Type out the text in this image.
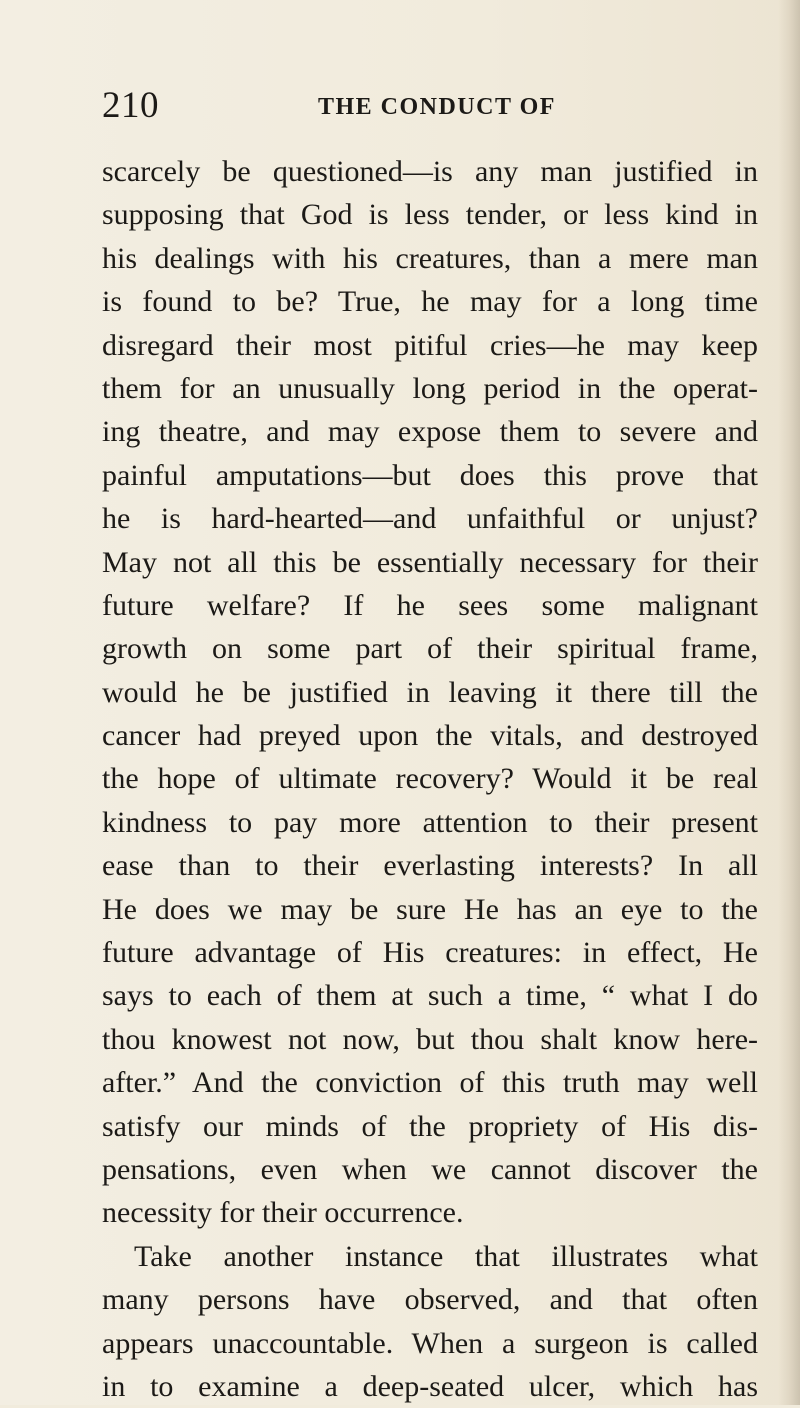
210	THE CONDUCT OF
scarcely be questioned—is any man justified in
supposing that God is less tender, or less kind in
his dealings with his creatures, than a mere man
is found to be? True, he may for a long time
disregard their most pitiful cries—he may keep
them for an unusually long period in the operat-
ing theatre, and may expose them to severe and
painful amputations—but does this prove that
he is hard-hearted—and unfaithful or unjust?
May not all this be essentially necessary for their
future welfare? If he sees some malignant
growth on some part of their spiritual frame,
would he be justified in leaving it there till the
cancer had preyed upon the vitals, and destroyed
the hope of ultimate recovery? Would it be real
kindness to pay more attention to their present
ease than to their everlasting interests? In all
He does we may be sure He has an eye to the
future advantage of His creatures: in effect, He
says to each of them at such a time, “ what I do
thou knowest not now, but thou shalt know here-
after.” And the conviction of this truth may well
satisfy our minds of the propriety of His dis-
pensations, even when we cannot discover the
necessity for their occurrence.
Take another instance that illustrates what
many persons have observed, and that often
appears unaccountable. When a surgeon is called
in to examine a deep-seated ulcer, which has
